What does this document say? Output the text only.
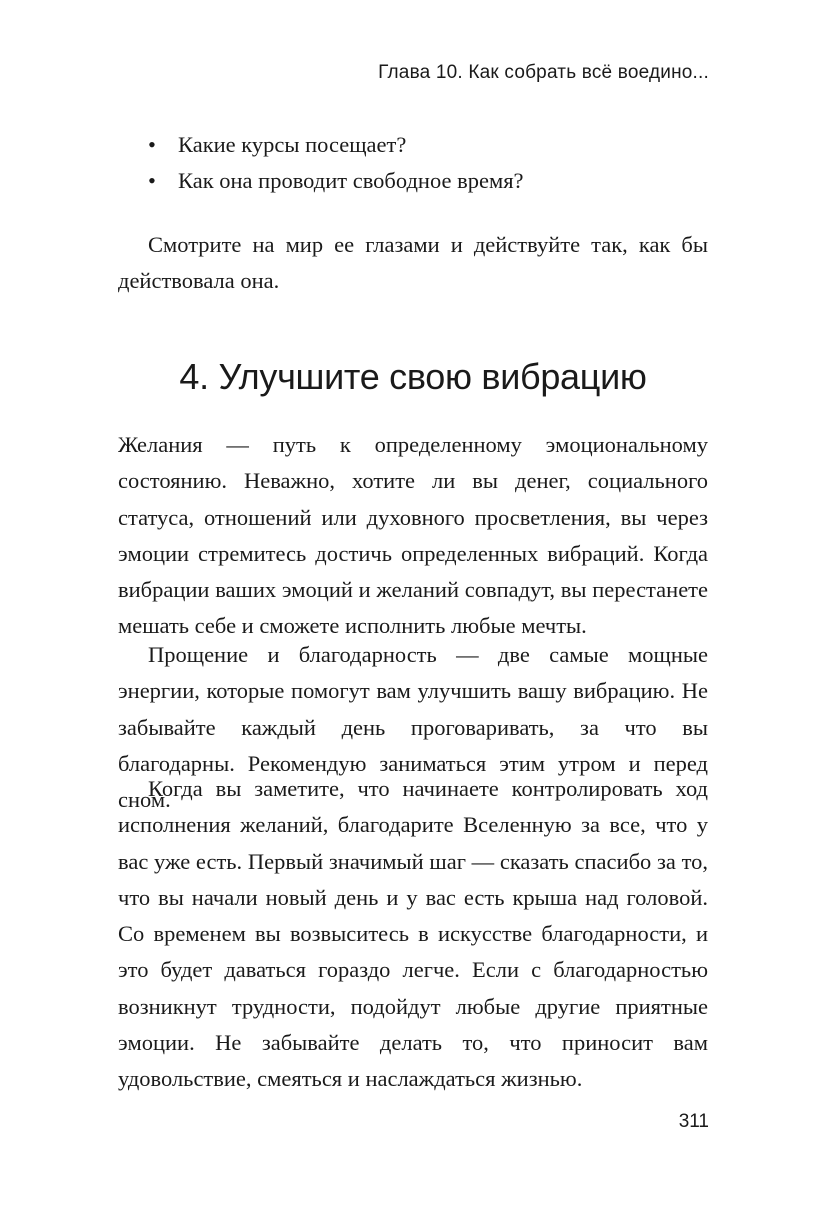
Глава 10. Как собрать всё воедино...
• Какие курсы посещает?
• Как она проводит свободное время?

Смотрите на мир ее глазами и действуйте так, как бы действовала она.

4. Улучшите свою вибрацию

Желания — путь к определенному эмоциональному состоянию. Неважно, хотите ли вы денег, социального статуса, отношений или духовного просветления, вы через эмоции стремитесь достичь определенных вибраций. Когда вибрации ваших эмоций и желаний совпадут, вы перестанете мешать себе и сможете исполнить любые мечты.

Прощение и благодарность — две самые мощные энергии, которые помогут вам улучшить вашу вибрацию. Не забывайте каждый день проговаривать, за что вы благодарны. Рекомендую заниматься этим утром и перед сном.

Когда вы заметите, что начинаете контролировать ход исполнения желаний, благодарите Вселенную за все, что у вас уже есть. Первый значимый шаг — сказать спасибо за то, что вы начали новый день и у вас есть крыша над головой. Со временем вы возвыситесь в искусстве благодарности, и это будет даваться гораздо легче. Если с благодарностью возникнут трудности, подойдут любые другие приятные эмоции. Не забывайте делать то, что приносит вам удовольствие, смеяться и наслаждаться жизнью.

311
